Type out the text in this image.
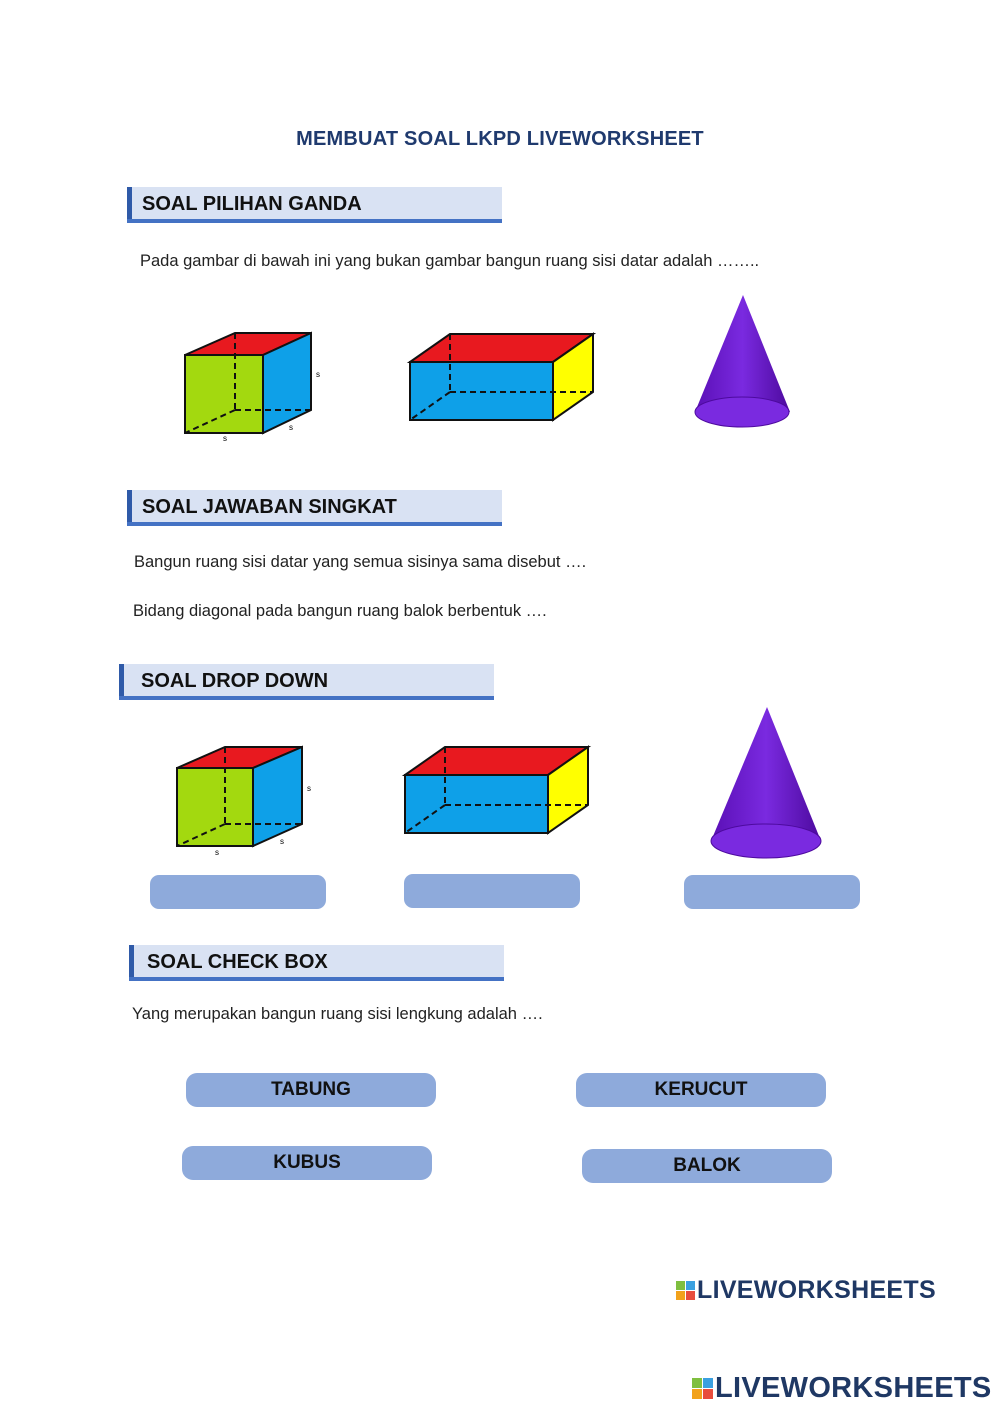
MEMBUAT SOAL LKPD LIVEWORKSHEET
SOAL PILIHAN GANDA
Pada gambar di bawah ini yang bukan gambar bangun ruang sisi datar adalah ……..
s
s
s
SOAL JAWABAN SINGKAT
Bangun ruang sisi datar yang semua sisinya sama disebut ….
Bidang diagonal pada bangun ruang balok berbentuk ….
SOAL DROP DOWN
s
s
s
SOAL CHECK BOX
Yang merupakan bangun ruang sisi lengkung adalah ….
TABUNG	KERUCUT
KUBUS	BALOK
LIVEWORKSHEETS
LIVEWORKSHEETS
